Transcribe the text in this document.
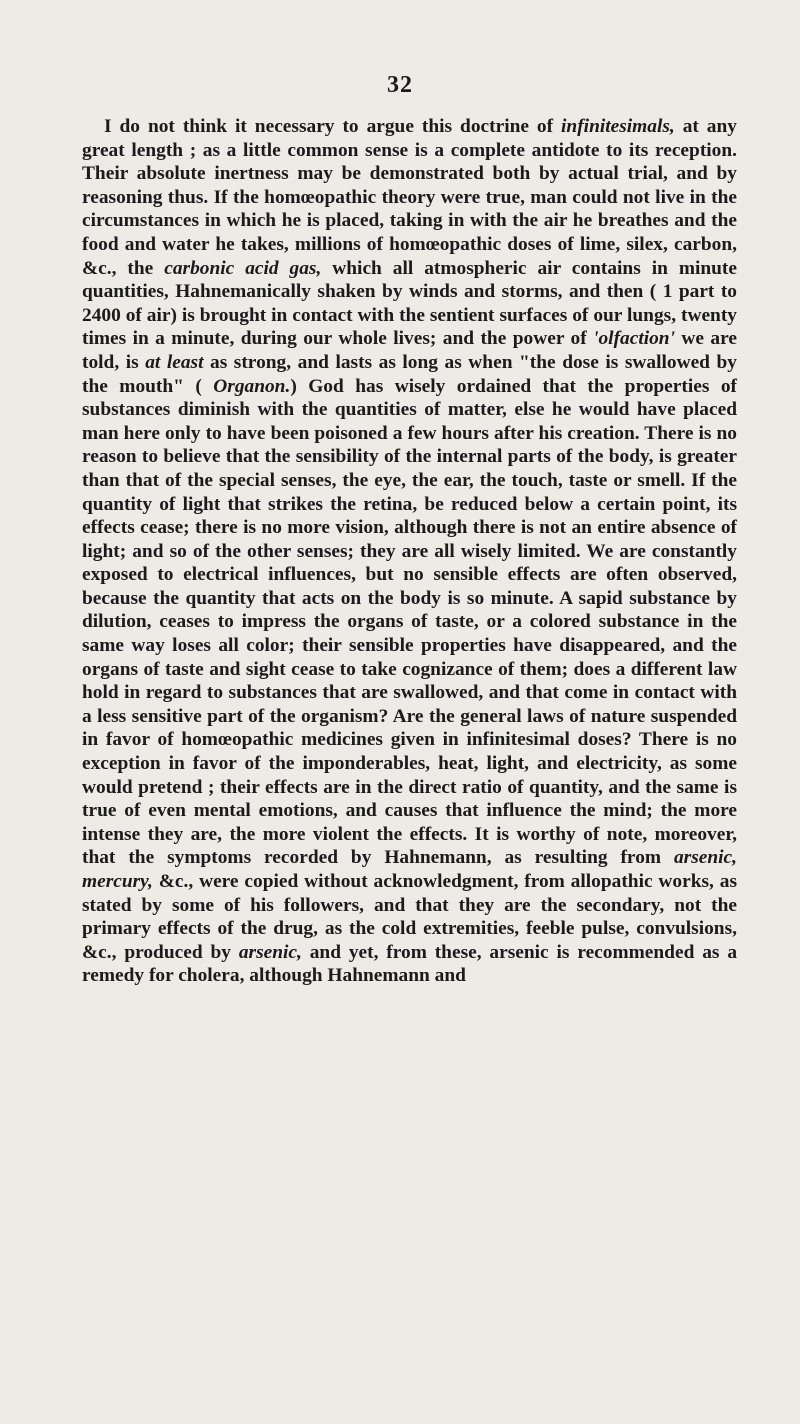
32
I do not think it necessary to argue this doctrine of infinitesimals, at any great length ; as a little common sense is a complete antidote to its reception. Their absolute inertness may be demonstrated both by actual trial, and by reasoning thus. If the homœopathic theory were true, man could not live in the circumstances in which he is placed, taking in with the air he breathes and the food and water he takes, millions of homœopathic doses of lime, silex, carbon, &c., the carbonic acid gas, which all atmospheric air contains in minute quantities, Hahnemanically shaken by winds and storms, and then ( 1 part to 2400 of air) is brought in contact with the sentient surfaces of our lungs, twenty times in a minute, during our whole lives; and the power of 'olfaction' we are told, is at least as strong, and lasts as long as when "the dose is swallowed by the mouth" ( Organon.) God has wisely ordained that the properties of substances diminish with the quantities of matter, else he would have placed man here only to have been poisoned a few hours after his creation. There is no reason to believe that the sensibility of the internal parts of the body, is greater than that of the special senses, the eye, the ear, the touch, taste or smell. If the quantity of light that strikes the retina, be reduced below a certain point, its effects cease; there is no more vision, although there is not an entire absence of light; and so of the other senses; they are all wisely limited. We are constantly exposed to electrical influences, but no sensible effects are often observed, because the quantity that acts on the body is so minute. A sapid substance by dilution, ceases to impress the organs of taste, or a colored substance in the same way loses all color; their sensible properties have disappeared, and the organs of taste and sight cease to take cognizance of them; does a different law hold in regard to substances that are swallowed, and that come in contact with a less sensitive part of the organism? Are the general laws of nature suspended in favor of homœopathic medicines given in infinitesimal doses? There is no exception in favor of the imponderables, heat, light, and electricity, as some would pretend ; their effects are in the direct ratio of quantity, and the same is true of even mental emotions, and causes that influence the mind; the more intense they are, the more violent the effects. It is worthy of note, moreover, that the symptoms recorded by Hahnemann, as resulting from arsenic, mercury, &c., were copied without acknowledgment, from allopathic works, as stated by some of his followers, and that they are the secondary, not the primary effects of the drug, as the cold extremities, feeble pulse, convulsions, &c., produced by arsenic, and yet, from these, arsenic is recommended as a remedy for cholera, although Hahnemann and
